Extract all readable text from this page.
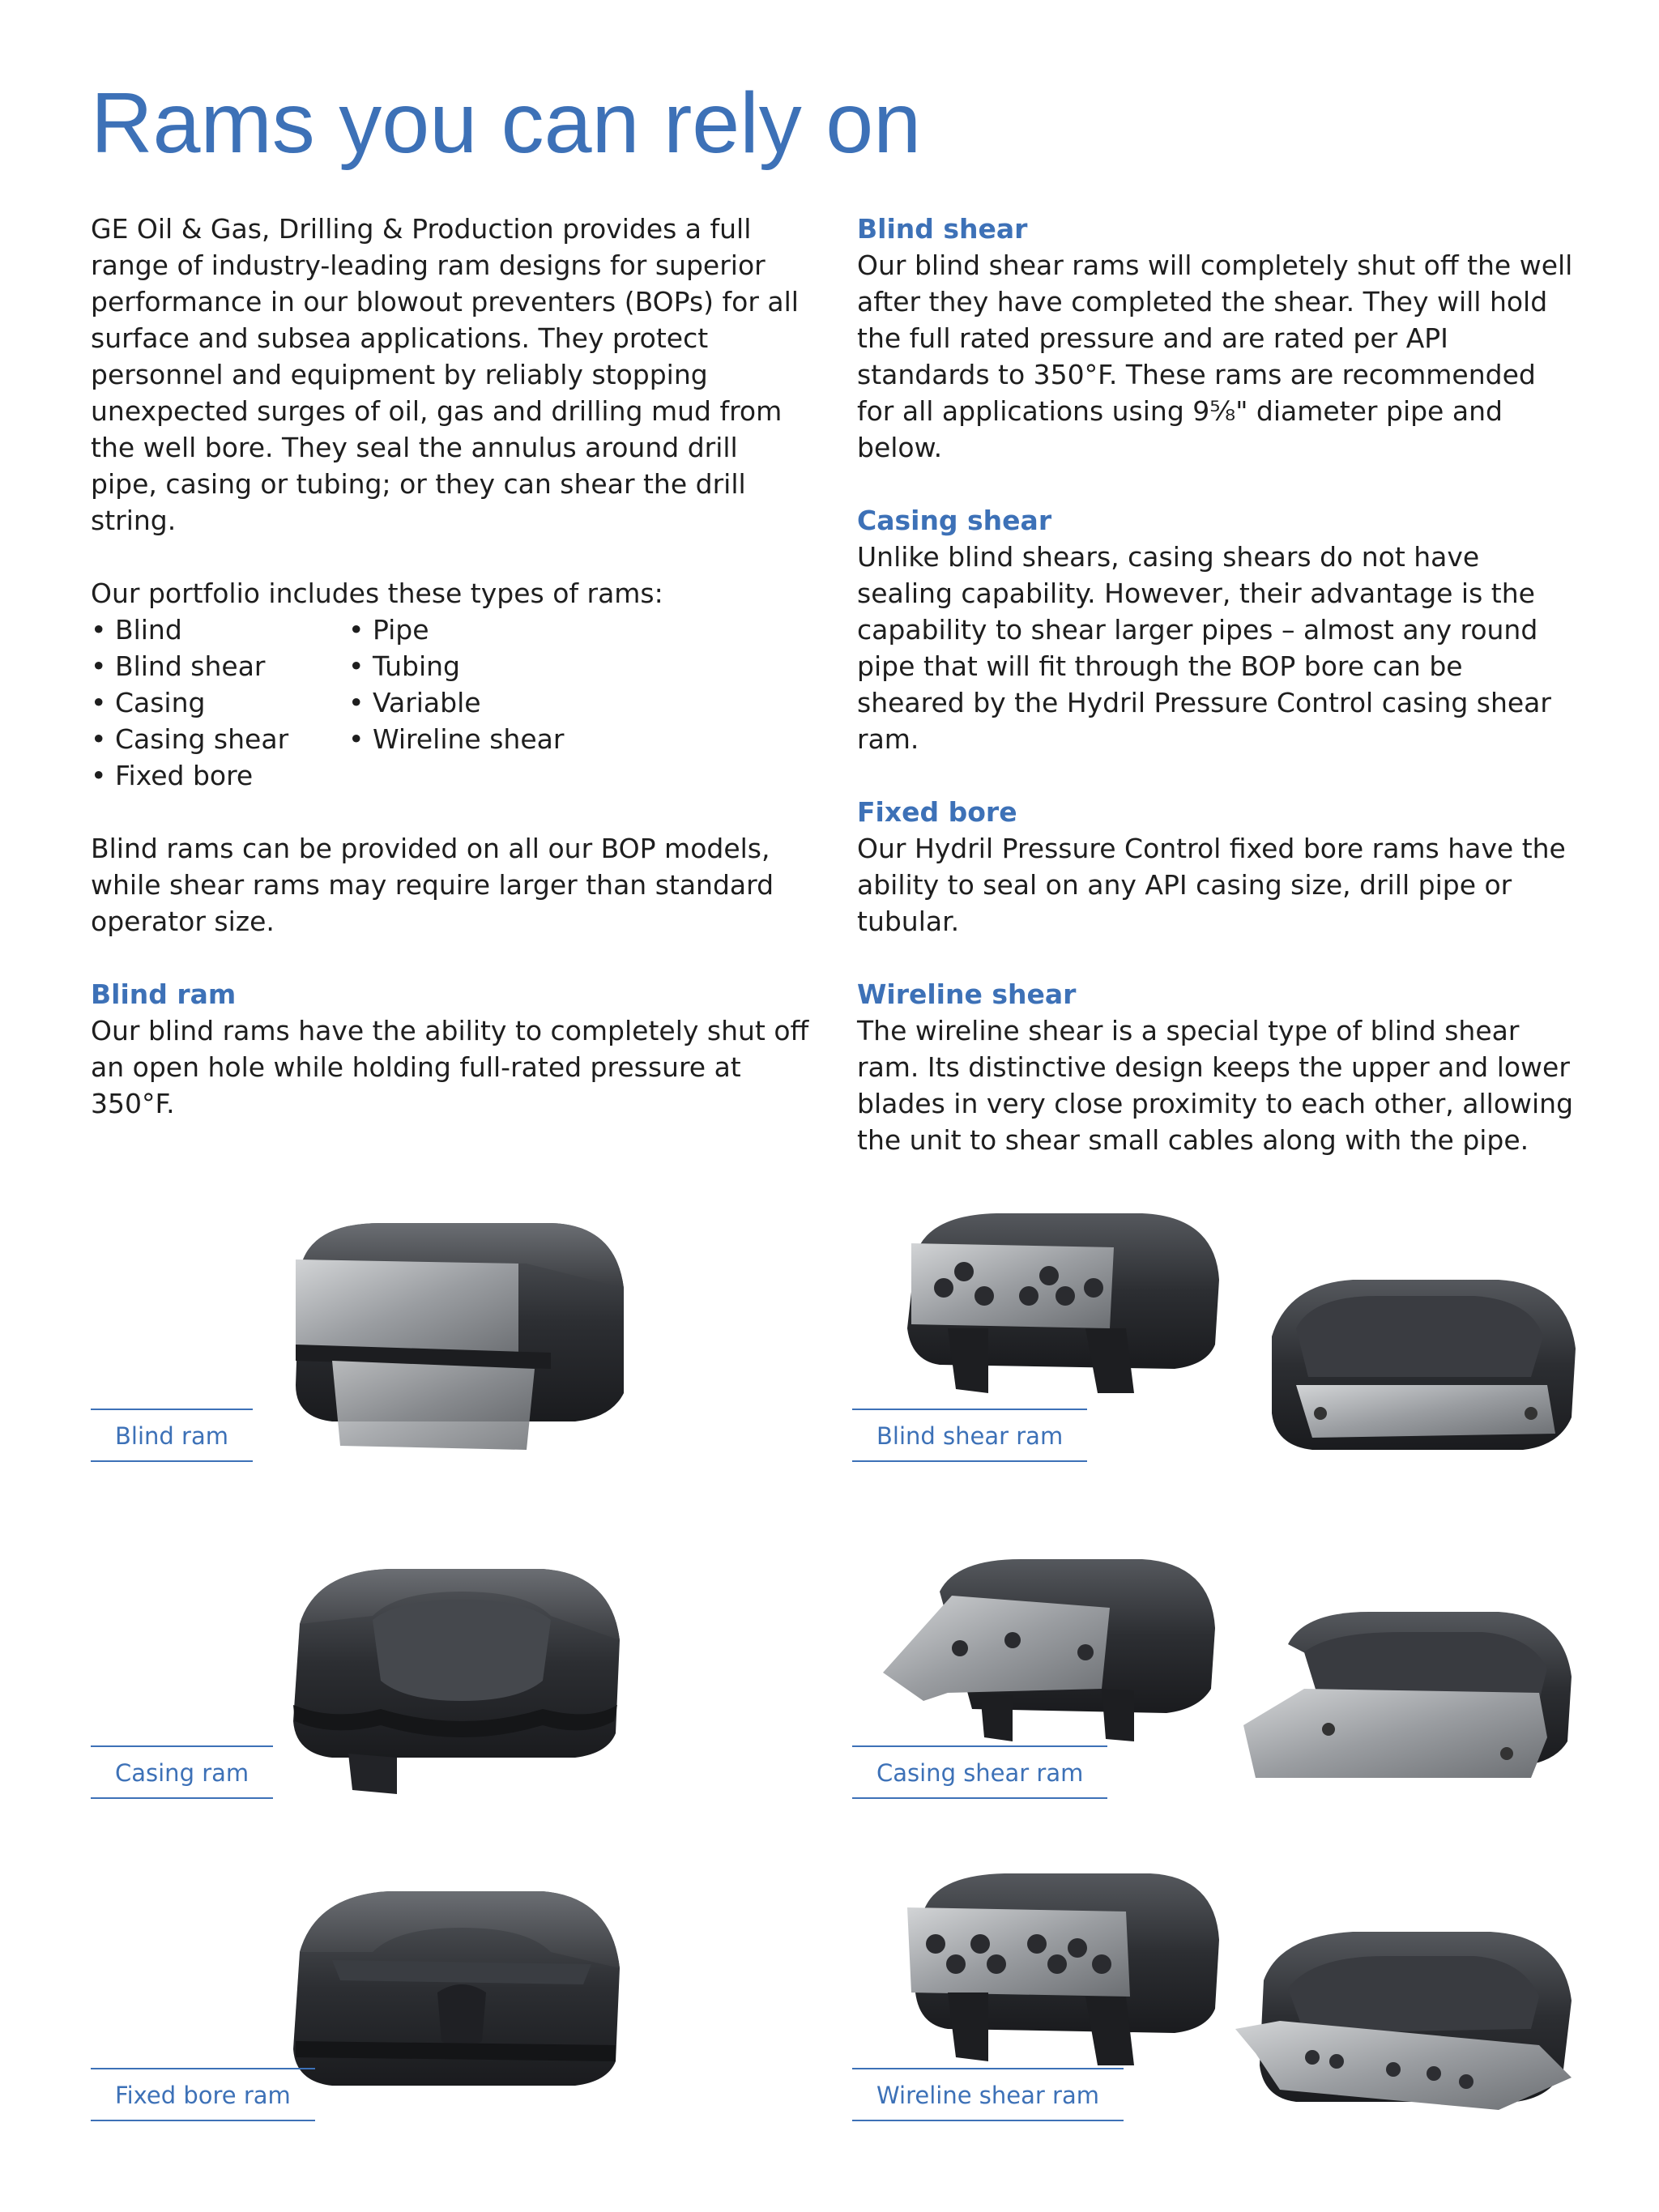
Rams you can rely on

GE Oil & Gas, Drilling & Production provides a full range of industry-leading ram designs for superior performance in our blowout preventers (BOPs) for all surface and subsea applications. They protect personnel and equipment by reliably stopping unexpected surges of oil, gas and drilling mud from the well bore. They seal the annulus around drill pipe, casing or tubing; or they can shear the drill string.

Our portfolio includes these types of rams:

• Blind	• Pipe
• Blind shear	• Tubing
• Casing	• Variable
• Casing shear	• Wireline shear
• Fixed bore

Blind rams can be provided on all our BOP models, while shear rams may require larger than standard operator size.

Blind ram

Our blind rams have the ability to completely shut off an open hole while holding full-rated pressure at 350°F.

Blind shear

Our blind shear rams will completely shut off the well after they have completed the shear. They will hold the full rated pressure and are rated per API standards to 350°F. These rams are recommended for all applications using 9⅝" diameter pipe and below.

Casing shear

Unlike blind shears, casing shears do not have sealing capability. However, their advantage is the capability to shear larger pipes – almost any round pipe that will fit through the BOP bore can be sheared by the Hydril Pressure Control casing shear ram.

Fixed bore

Our Hydril Pressure Control fixed bore rams have the ability to seal on any API casing size, drill pipe or tubular.

Wireline shear

The wireline shear is a special type of blind shear ram. Its distinctive design keeps the upper and lower blades in very close proximity to each other, allowing the unit to shear small cables along with the pipe.

Blind ram
Casing ram
Fixed bore ram
Blind shear ram
Casing shear ram
Wireline shear ram
